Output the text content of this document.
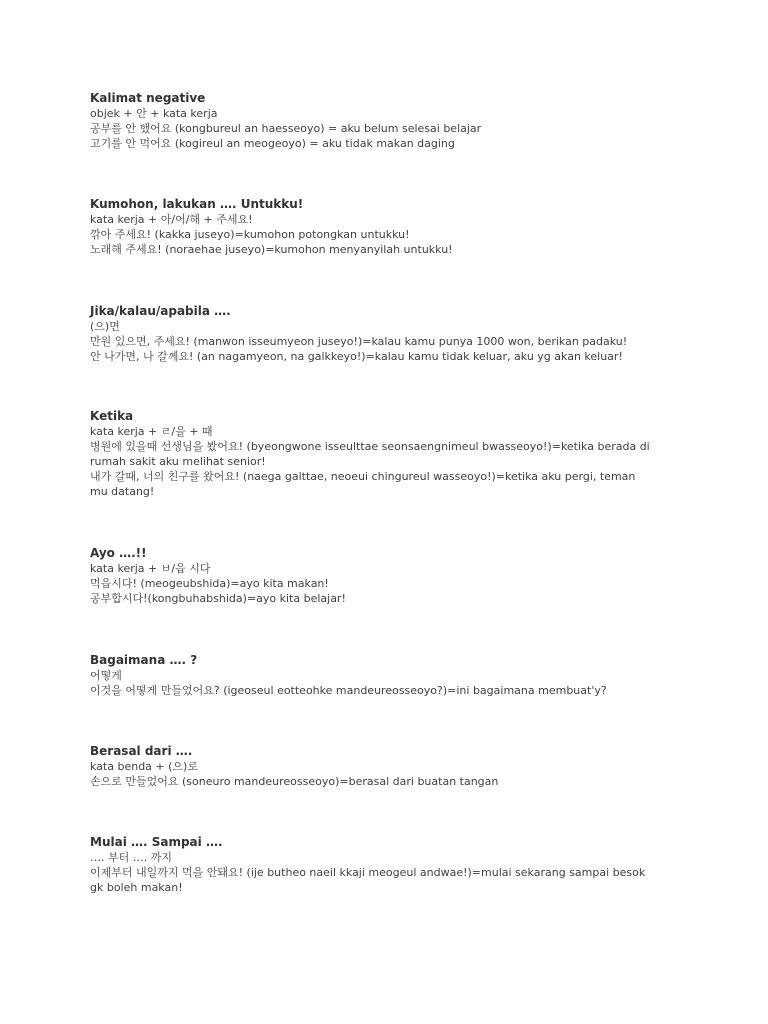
Kalimat negative
objek + 안 + kata kerja
공부를 안 했어요 (kongbureul an haesseoyo) = aku belum selesai belajar
고기를 안 먹어요 (kogireul an meogeoyo) = aku tidak makan daging
Kumohon, lakukan …. Untukku!
kata kerja + 아/어/해 + 주세요!
깎아 주세요! (kakka juseyo)=kumohon potongkan untukku!
노래해 주세요! (noraehae juseyo)=kumohon menyanyilah untukku!
Jika/kalau/apabila ….
(으)면
만원 있으면, 주세요! (manwon isseumyeon juseyo!)=kalau kamu punya 1000 won, berikan padaku!
안 나가면, 나 갈께요! (an nagamyeon, na galkkeyo!)=kalau kamu tidak keluar, aku yg akan keluar!
Ketika
kata kerja + ㄹ/을 + 때
병원에 있을때 선생님을 봤어요! (byeongwone isseulttae seonsaengnimeul bwasseoyo!)=ketika berada di
rumah sakit aku melihat senior!
내가 갈때, 너의 친구를 왔어요! (naega galttae, neoeui chingureul wasseoyo!)=ketika aku pergi, teman
mu datang!
Ayo ….!!
kata kerja + ㅂ/읍 시다
먹읍시다! (meogeubshida)=ayo kita makan!
공부합시다!(kongbuhabshida)=ayo kita belajar!
Bagaimana …. ?
어떻게
이것을 어떻게 만들었어요? (igeoseul eotteohke mandeureosseoyo?)=ini bagaimana membuat'y?
Berasal dari ….
kata benda + (으)로
손으로 만들었어요 (soneuro mandeureosseoyo)=berasal dari buatan tangan
Mulai …. Sampai ….
…. 부터 …. 까지
이제부터 내일까지 먹을 안돼요! (ije butheo naeil kkaji meogeul andwae!)=mulai sekarang sampai besok
gk boleh makan!
